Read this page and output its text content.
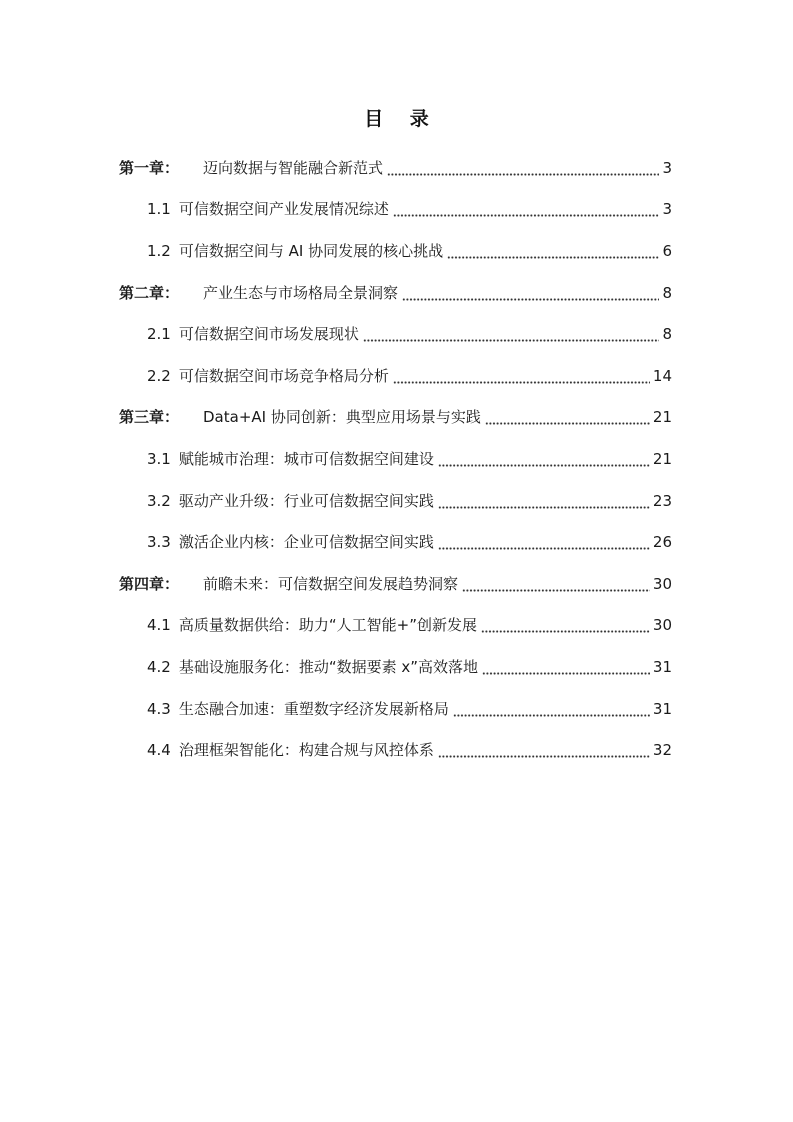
目 录
第一章：	迈向数据与智能融合新范式	3
1.1 可信数据空间产业发展情况综述	3
1.2 可信数据空间与 AI 协同发展的核心挑战	6
第二章：	产业生态与市场格局全景洞察	8
2.1 可信数据空间市场发展现状	8
2.2 可信数据空间市场竞争格局分析	14
第三章：	Data+AI 协同创新：典型应用场景与实践	21
3.1 赋能城市治理：城市可信数据空间建设	21
3.2 驱动产业升级：行业可信数据空间实践	23
3.3 激活企业内核：企业可信数据空间实践	26
第四章：	前瞻未来：可信数据空间发展趋势洞察	30
4.1 高质量数据供给：助力“人工智能+”创新发展	30
4.2 基础设施服务化：推动“数据要素 x”高效落地	31
4.3 生态融合加速：重塑数字经济发展新格局	31
4.4 治理框架智能化：构建合规与风控体系	32
